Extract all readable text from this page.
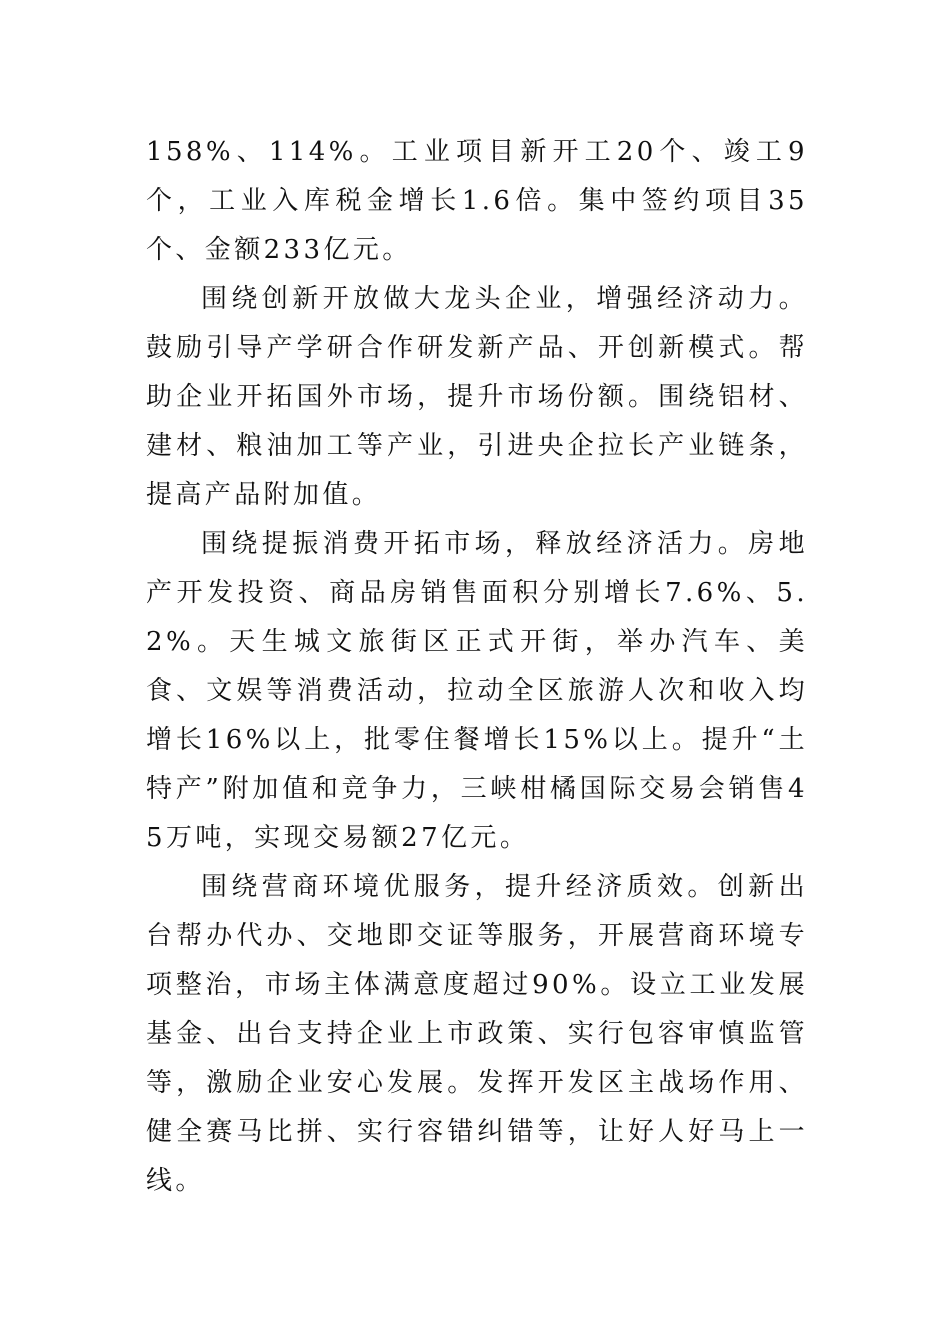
158%、114%。工业项目新开工20个、竣工9个，工业入库税金增长1.6倍。集中签约项目35个、金额233亿元。

围绕创新开放做大龙头企业，增强经济动力。鼓励引导产学研合作研发新产品、开创新模式。帮助企业开拓国外市场，提升市场份额。围绕铝材、建材、粮油加工等产业，引进央企拉长产业链条，提高产品附加值。

围绕提振消费开拓市场，释放经济活力。房地产开发投资、商品房销售面积分别增长7.6%、5.2%。天生城文旅街区正式开街，举办汽车、美食、文娱等消费活动，拉动全区旅游人次和收入均增长16%以上，批零住餐增长15%以上。提升“土特产”附加值和竞争力，三峡柑橘国际交易会销售45万吨，实现交易额27亿元。

围绕营商环境优服务，提升经济质效。创新出台帮办代办、交地即交证等服务，开展营商环境专项整治，市场主体满意度超过90%。设立工业发展基金、出台支持企业上市政策、实行包容审慎监管等，激励企业安心发展。发挥开发区主战场作用、健全赛马比拼、实行容错纠错等，让好人好马上一线。
